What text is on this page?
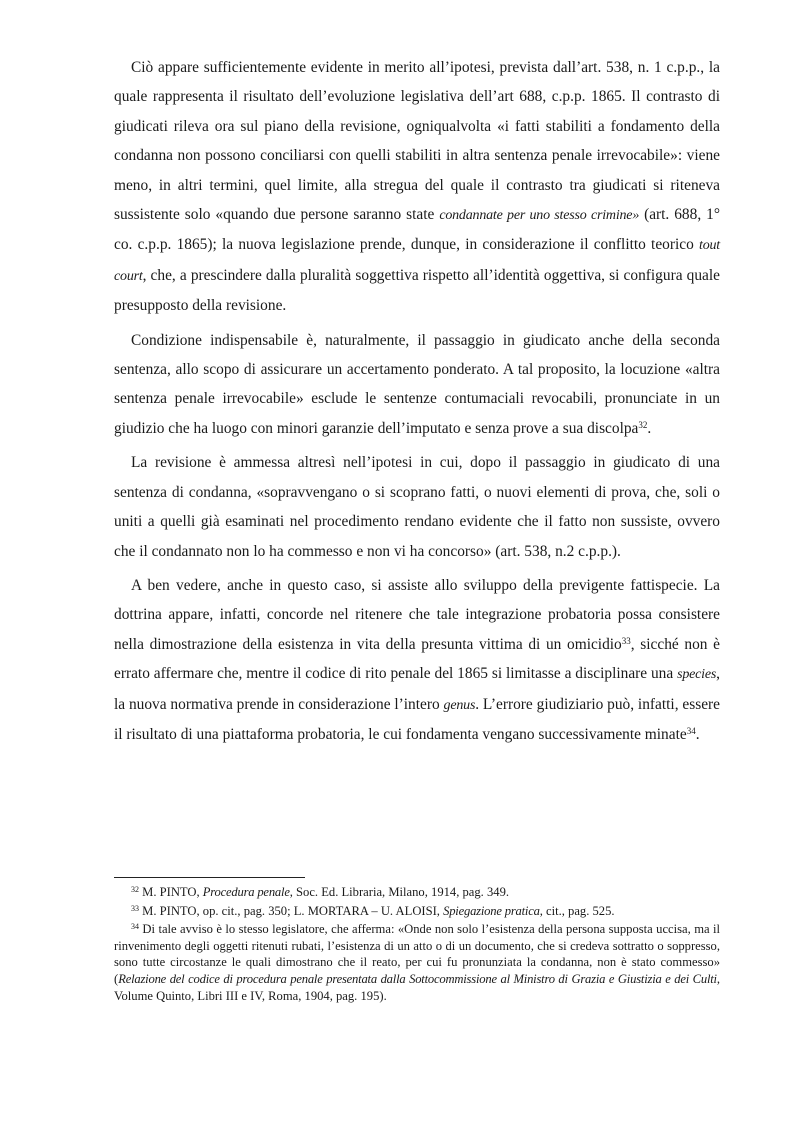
Ciò appare sufficientemente evidente in merito all’ipotesi, prevista dall’art. 538, n. 1 c.p.p., la quale rappresenta il risultato dell’evoluzione legislativa dell’art 688, c.p.p. 1865. Il contrasto di giudicati rileva ora sul piano della revisione, ogniqualvolta «i fatti stabiliti a fondamento della condanna non possono conciliarsi con quelli stabiliti in altra sentenza penale irrevocabile»: viene meno, in altri termini, quel limite, alla stregua del quale il contrasto tra giudicati si riteneva sussistente solo «quando due persone saranno state condannate per uno stesso crimine» (art. 688, 1° co. c.p.p. 1865); la nuova legislazione prende, dunque, in considerazione il conflitto teorico tout court, che, a prescindere dalla pluralità soggettiva rispetto all’identità oggettiva, si configura quale presupposto della revisione.

Condizione indispensabile è, naturalmente, il passaggio in giudicato anche della seconda sentenza, allo scopo di assicurare un accertamento ponderato. A tal proposito, la locuzione «altra sentenza penale irrevocabile» esclude le sentenze contumaciali revocabili, pronunciate in un giudizio che ha luogo con minori garanzie dell’imputato e senza prove a sua discolpa$^{32}$.

La revisione è ammessa altresì nell’ipotesi in cui, dopo il passaggio in giudicato di una sentenza di condanna, «sopravvengano o si scoprano fatti, o nuovi elementi di prova, che, soli o uniti a quelli già esaminati nel procedimento rendano evidente che il fatto non sussiste, ovvero che il condannato non lo ha commesso e non vi ha concorso» (art. 538, n.2 c.p.p.).

A ben vedere, anche in questo caso, si assiste allo sviluppo della previgente fattispecie. La dottrina appare, infatti, concorde nel ritenere che tale integrazione probatoria possa consistere nella dimostrazione della esistenza in vita della presunta vittima di un omicidio$^{33}$, sicché non è errato affermare che, mentre il codice di rito penale del 1865 si limitasse a disciplinare una species, la nuova normativa prende in considerazione l’intero genus. L’errore giudiziario può, infatti, essere il risultato di una piattaforma probatoria, le cui fondamenta vengano successivamente minate$^{34}$.

$^{32}$ M. PINTO, Procedura penale, Soc. Ed. Libraria, Milano, 1914, pag. 349.

$^{33}$ M. PINTO, op. cit., pag. 350; L. MORTARA – U. ALOISI, Spiegazione pratica, cit., pag. 525.

$^{34}$ Di tale avviso è lo stesso legislatore, che afferma: «Onde non solo l’esistenza della persona supposta uccisa, ma il rinvenimento degli oggetti ritenuti rubati, l’esistenza di un atto o di un documento, che si credeva sottratto o soppresso, sono tutte circostanze le quali dimostrano che il reato, per cui fu pronunziata la condanna, non è stato commesso» (Relazione del codice di procedura penale presentata dalla Sottocommissione al Ministro di Grazia e Giustizia e dei Culti, Volume Quinto, Libri III e IV, Roma, 1904, pag. 195).
